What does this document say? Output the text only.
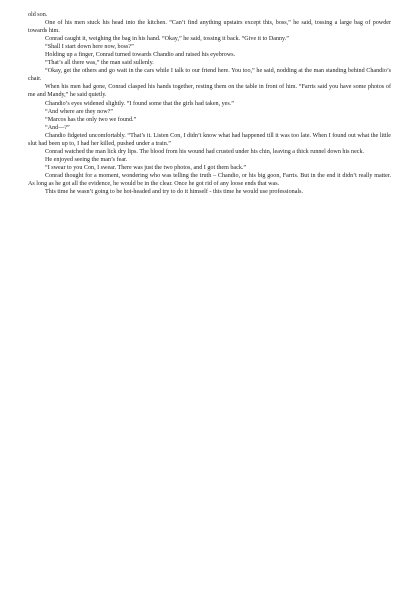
old son.

One of his men stuck his head into the kitchen. “Can’t find anything upstairs except this, boss,” he said, tossing a large bag of powder towards him.

Conrad caught it, weighing the bag in his hand. “Okay,” he said, tossing it back. “Give it to Danny.”

“Shall I start down here now, boss?”

Holding up a finger, Conrad turned towards Chandio and raised his eyebrows.

“That’s all there was,” the man said sullenly.

“Okay, get the others and go wait in the cars while I talk to our friend here. You too,” he said, nodding at the man standing behind Chandio’s chair.

When his men had gone, Conrad clasped his hands together, resting them on the table in front of him. “Farris said you have some photos of me and Mandy,” he said quietly.

Chandio’s eyes widened slightly. “I found some that the girls had taken, yes.”

“And where are they now?”

“Marcos has the only two we found.”

“And—?”

Chandio fidgeted uncomfortably. “That’s it. Listen Con, I didn’t know what had happened till it was too late. When I found out what the little slut had been up to, I had her killed, pushed under a train.”

Conrad watched the man lick dry lips. The blood from his wound had crusted under his chin, leaving a thick runnel down his neck.

He enjoyed seeing the man’s fear.

“I swear to you Con, I swear. There was just the two photos, and I got them back.”

Conrad thought for a moment, wondering who was telling the truth – Chandio, or his big goon, Farris. But in the end it didn’t really matter. As long as he got all the evidence, he would be in the clear. Once he got rid of any loose ends that was.

This time he wasn’t going to be hot-headed and try to do it himself - this time he would use professionals.
